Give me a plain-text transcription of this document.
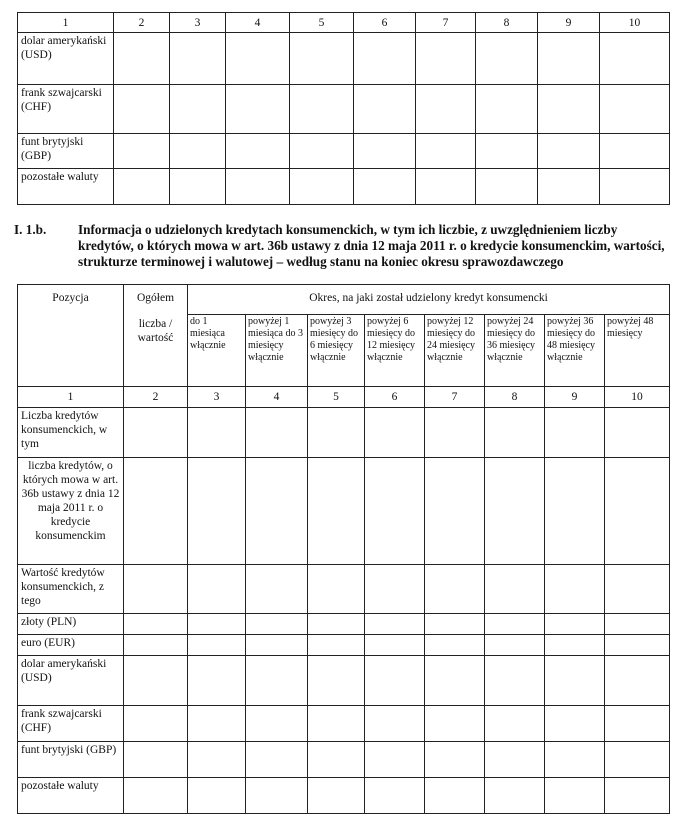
1	2	3	4	5	6	7	8	9	10
dolar amerykański (USD)									
frank szwajcarski (CHF)									
funt brytyjski (GBP)									
pozostałe waluty									
I. 1.b. Informacja o udzielonych kredytach konsumenckich, w tym ich liczbie, z uwzględnieniem liczby kredytów, o których mowa w art. 36b ustawy z dnia 12 maja 2011 r. o kredycie konsumenckim, wartości, strukturze terminowej i walutowej – według stanu na koniec okresu sprawozdawczego
Pozycja	Ogółem	Okres, na jaki został udzielony kredyt konsumencki							
	liczba / wartość	do 1 miesiąca włącznie	powyżej 1 miesiąca do 3 miesięcy włącznie	powyżej 3 miesięcy do 6 miesięcy włącznie	powyżej 6 miesięcy do 12 miesięcy włącznie	powyżej 12 miesięcy do 24 miesięcy włącznie	powyżej 24 miesięcy do 36 miesięcy włącznie	powyżej 36 miesięcy do 48 miesięcy włącznie	powyżej 48 miesięcy
1	2	3	4	5	6	7	8	9	10
Liczba kredytów konsumenckich, w tym									
liczba kredytów, o których mowa w art. 36b ustawy z dnia 12 maja 2011 r. o kredycie konsumenckim									
Wartość kredytów konsumenckich, z tego									
złoty (PLN)									
euro (EUR)									
dolar amerykański (USD)									
frank szwajcarski (CHF)									
funt brytyjski (GBP)									
pozostałe waluty									
